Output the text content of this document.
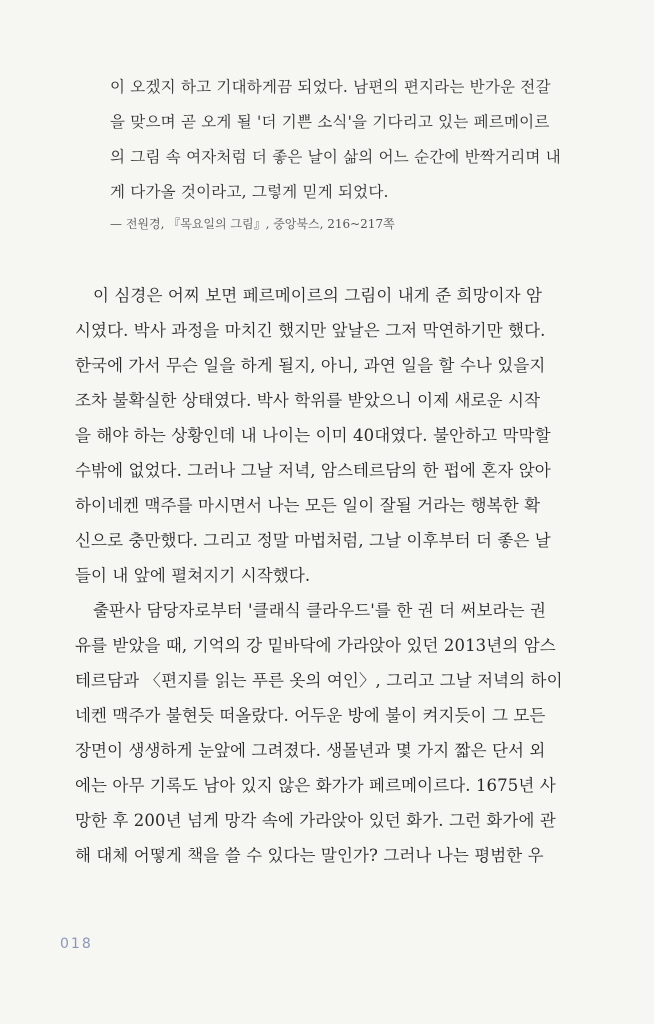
이 오겠지 하고 기대하게끔 되었다. 남편의 편지라는 반가운 전갈
을 맞으며 곧 오게 될 '더 기쁜 소식'을 기다리고 있는 페르메이르
의 그림 속 여자처럼 더 좋은 날이 삶의 어느 순간에 반짝거리며 내
게 다가올 것이라고, 그렇게 믿게 되었다.
— 전원경, 『목요일의 그림』, 중앙북스, 216~217쪽
이 심경은 어찌 보면 페르메이르의 그림이 내게 준 희망이자 암
시였다. 박사 과정을 마치긴 했지만 앞날은 그저 막연하기만 했다.
한국에 가서 무슨 일을 하게 될지, 아니, 과연 일을 할 수나 있을지
조차 불확실한 상태였다. 박사 학위를 받았으니 이제 새로운 시작
을 해야 하는 상황인데 내 나이는 이미 40대였다. 불안하고 막막할
수밖에 없었다. 그러나 그날 저녁, 암스테르담의 한 펍에 혼자 앉아
하이네켄 맥주를 마시면서 나는 모든 일이 잘될 거라는 행복한 확
신으로 충만했다. 그리고 정말 마법처럼, 그날 이후부터 더 좋은 날
들이 내 앞에 펼쳐지기 시작했다.
출판사 담당자로부터 '클래식 클라우드'를 한 권 더 써보라는 권
유를 받았을 때, 기억의 강 밑바닥에 가라앉아 있던 2013년의 암스
테르담과 〈편지를 읽는 푸른 옷의 여인〉, 그리고 그날 저녁의 하이
네켄 맥주가 불현듯 떠올랐다. 어두운 방에 불이 켜지듯이 그 모든
장면이 생생하게 눈앞에 그려졌다. 생몰년과 몇 가지 짧은 단서 외
에는 아무 기록도 남아 있지 않은 화가가 페르메이르다. 1675년 사
망한 후 200년 넘게 망각 속에 가라앉아 있던 화가. 그런 화가에 관
해 대체 어떻게 책을 쓸 수 있다는 말인가? 그러나 나는 평범한 우
018
